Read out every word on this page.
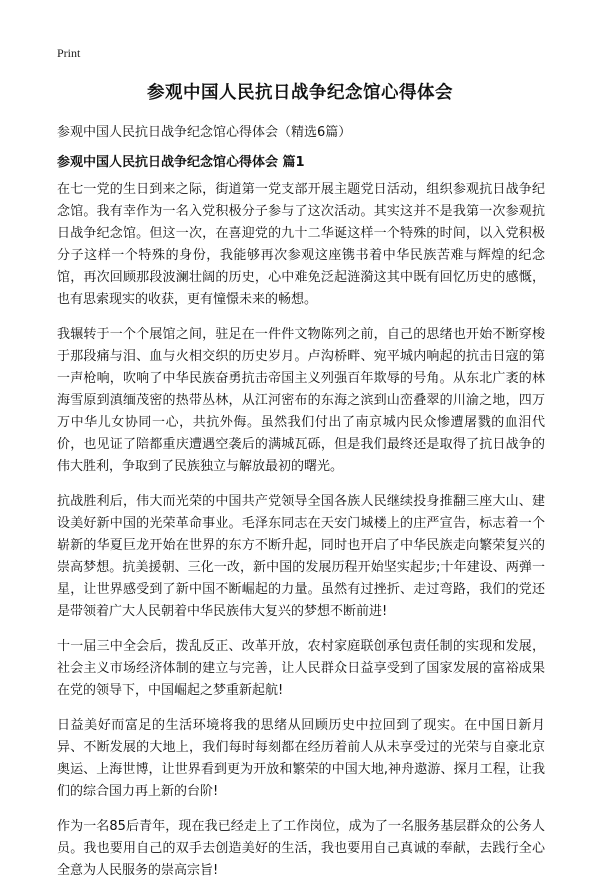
Print
参观中国人民抗日战争纪念馆心得体会

参观中国人民抗日战争纪念馆心得体会（精选6篇）

参观中国人民抗日战争纪念馆心得体会 篇1

在七一党的生日到来之际，街道第一党支部开展主题党日活动，组织参观抗日战争纪念馆。我有幸作为一名入党积极分子参与了这次活动。其实这并不是我第一次参观抗日战争纪念馆。但这一次，在喜迎党的九十二华诞这样一个特殊的时间，以入党积极分子这样一个特殊的身份，我能够再次参观这座镌书着中华民族苦难与辉煌的纪念馆，再次回顾那段波澜壮阔的历史，心中难免泛起涟漪这其中既有回忆历史的感慨，也有思索现实的收获，更有憧憬未来的畅想。

我辗转于一个个展馆之间，驻足在一件件文物陈列之前，自己的思绪也开始不断穿梭于那段痛与泪、血与火相交织的历史岁月。卢沟桥畔、宛平城内响起的抗击日寇的第一声枪响，吹响了中华民族奋勇抗击帝国主义列强百年欺辱的号角。从东北广袤的林海雪原到滇缅茂密的热带丛林，从江河密布的东海之滨到山峦叠翠的川渝之地，四万万中华儿女协同一心，共抗外侮。虽然我们付出了南京城内民众惨遭屠戮的血泪代价，也见证了陪都重庆遭遇空袭后的满城瓦砾，但是我们最终还是取得了抗日战争的伟大胜利，争取到了民族独立与解放最初的曙光。

抗战胜利后，伟大而光荣的中国共产党领导全国各族人民继续投身推翻三座大山、建设美好新中国的光荣革命事业。毛泽东同志在天安门城楼上的庄严宣告，标志着一个崭新的华夏巨龙开始在世界的东方不断升起，同时也开启了中华民族走向繁荣复兴的崇高梦想。抗美援朝、三化一改，新中国的发展历程开始坚实起步;十年建设、两弹一星，让世界感受到了新中国不断崛起的力量。虽然有过挫折、走过弯路，我们的党还是带领着广大人民朝着中华民族伟大复兴的梦想不断前进!

十一届三中全会后，拨乱反正、改革开放，农村家庭联创承包责任制的实现和发展，社会主义市场经济体制的建立与完善，让人民群众日益享受到了国家发展的富裕成果在党的领导下，中国崛起之梦重新起航!

日益美好而富足的生活环境将我的思绪从回顾历史中拉回到了现实。在中国日新月异、不断发展的大地上，我们每时每刻都在经历着前人从未享受过的光荣与自豪北京奥运、上海世博，让世界看到更为开放和繁荣的中国大地,神舟遨游、探月工程，让我们的综合国力再上新的台阶!

作为一名85后青年，现在我已经走上了工作岗位，成为了一名服务基层群众的公务人员。我也要用自己的双手去创造美好的生活，我也要用自己真诚的奉献，去践行全心全意为人民服务的崇高宗旨!
